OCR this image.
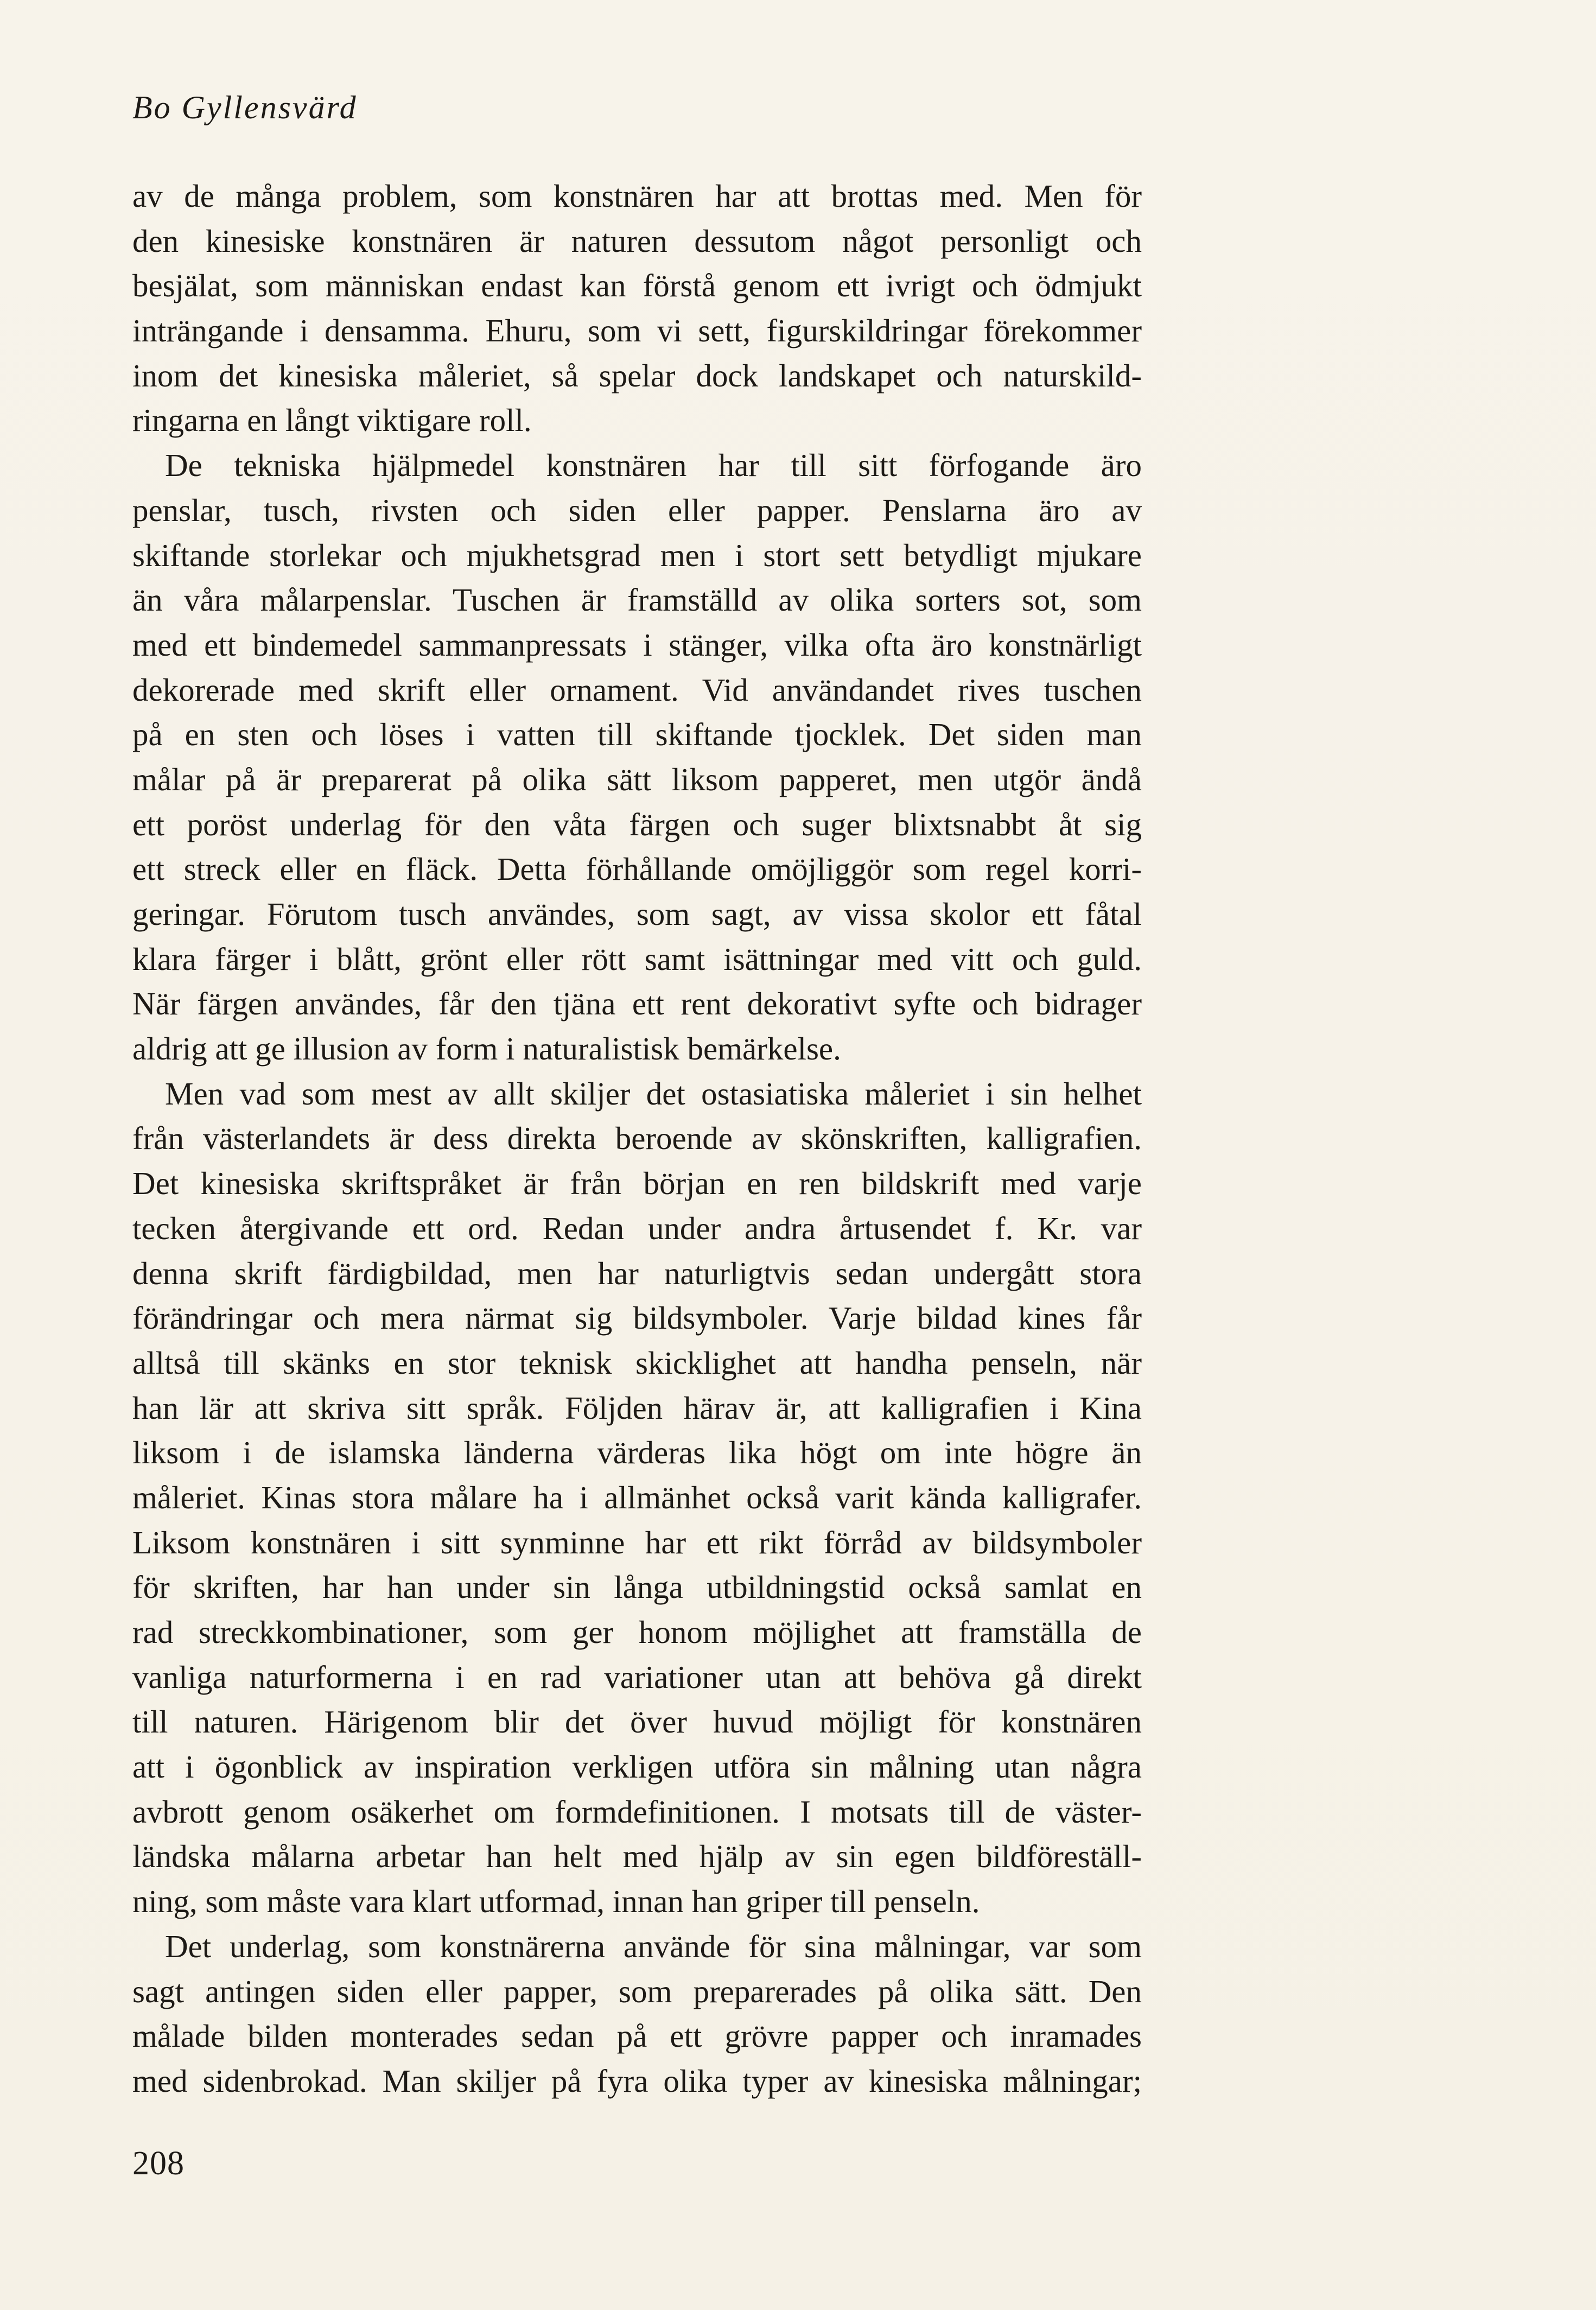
Bo Gyllensvärd
av de många problem, som konstnären har att brottas med. Men för
den kinesiske konstnären är naturen dessutom något personligt och
besjälat, som människan endast kan förstå genom ett ivrigt och ödmjukt
inträngande i densamma. Ehuru, som vi sett, figurskildringar förekommer
inom det kinesiska måleriet, så spelar dock landskapet och naturskild-
ringarna en långt viktigare roll.
De tekniska hjälpmedel konstnären har till sitt förfogande äro
penslar, tusch, rivsten och siden eller papper. Penslarna äro av
skiftande storlekar och mjukhetsgrad men i stort sett betydligt mjukare
än våra målarpenslar. Tuschen är framställd av olika sorters sot, som
med ett bindemedel sammanpressats i stänger, vilka ofta äro konstnärligt
dekorerade med skrift eller ornament. Vid användandet rives tuschen
på en sten och löses i vatten till skiftande tjocklek. Det siden man
målar på är preparerat på olika sätt liksom papperet, men utgör ändå
ett poröst underlag för den våta färgen och suger blixtsnabbt åt sig
ett streck eller en fläck. Detta förhållande omöjliggör som regel korri-
geringar. Förutom tusch användes, som sagt, av vissa skolor ett fåtal
klara färger i blått, grönt eller rött samt isättningar med vitt och guld.
När färgen användes, får den tjäna ett rent dekorativt syfte och bidrager
aldrig att ge illusion av form i naturalistisk bemärkelse.
Men vad som mest av allt skiljer det ostasiatiska måleriet i sin helhet
från västerlandets är dess direkta beroende av skönskriften, kalligrafien.
Det kinesiska skriftspråket är från början en ren bildskrift med varje
tecken återgivande ett ord. Redan under andra årtusendet f. Kr. var
denna skrift färdigbildad, men har naturligtvis sedan undergått stora
förändringar och mera närmat sig bildsymboler. Varje bildad kines får
alltså till skänks en stor teknisk skicklighet att handha penseln, när
han lär att skriva sitt språk. Följden härav är, att kalligrafien i Kina
liksom i de islamska länderna värderas lika högt om inte högre än
måleriet. Kinas stora målare ha i allmänhet också varit kända kalligrafer.
Liksom konstnären i sitt synminne har ett rikt förråd av bildsymboler
för skriften, har han under sin långa utbildningstid också samlat en
rad streckkombinationer, som ger honom möjlighet att framställa de
vanliga naturformerna i en rad variationer utan att behöva gå direkt
till naturen. Härigenom blir det över huvud möjligt för konstnären
att i ögonblick av inspiration verkligen utföra sin målning utan några
avbrott genom osäkerhet om formdefinitionen. I motsats till de väster-
ländska målarna arbetar han helt med hjälp av sin egen bildföreställ-
ning, som måste vara klart utformad, innan han griper till penseln.
Det underlag, som konstnärerna använde för sina målningar, var som
sagt antingen siden eller papper, som preparerades på olika sätt. Den
målade bilden monterades sedan på ett grövre papper och inramades
med sidenbrokad. Man skiljer på fyra olika typer av kinesiska målningar;
208
